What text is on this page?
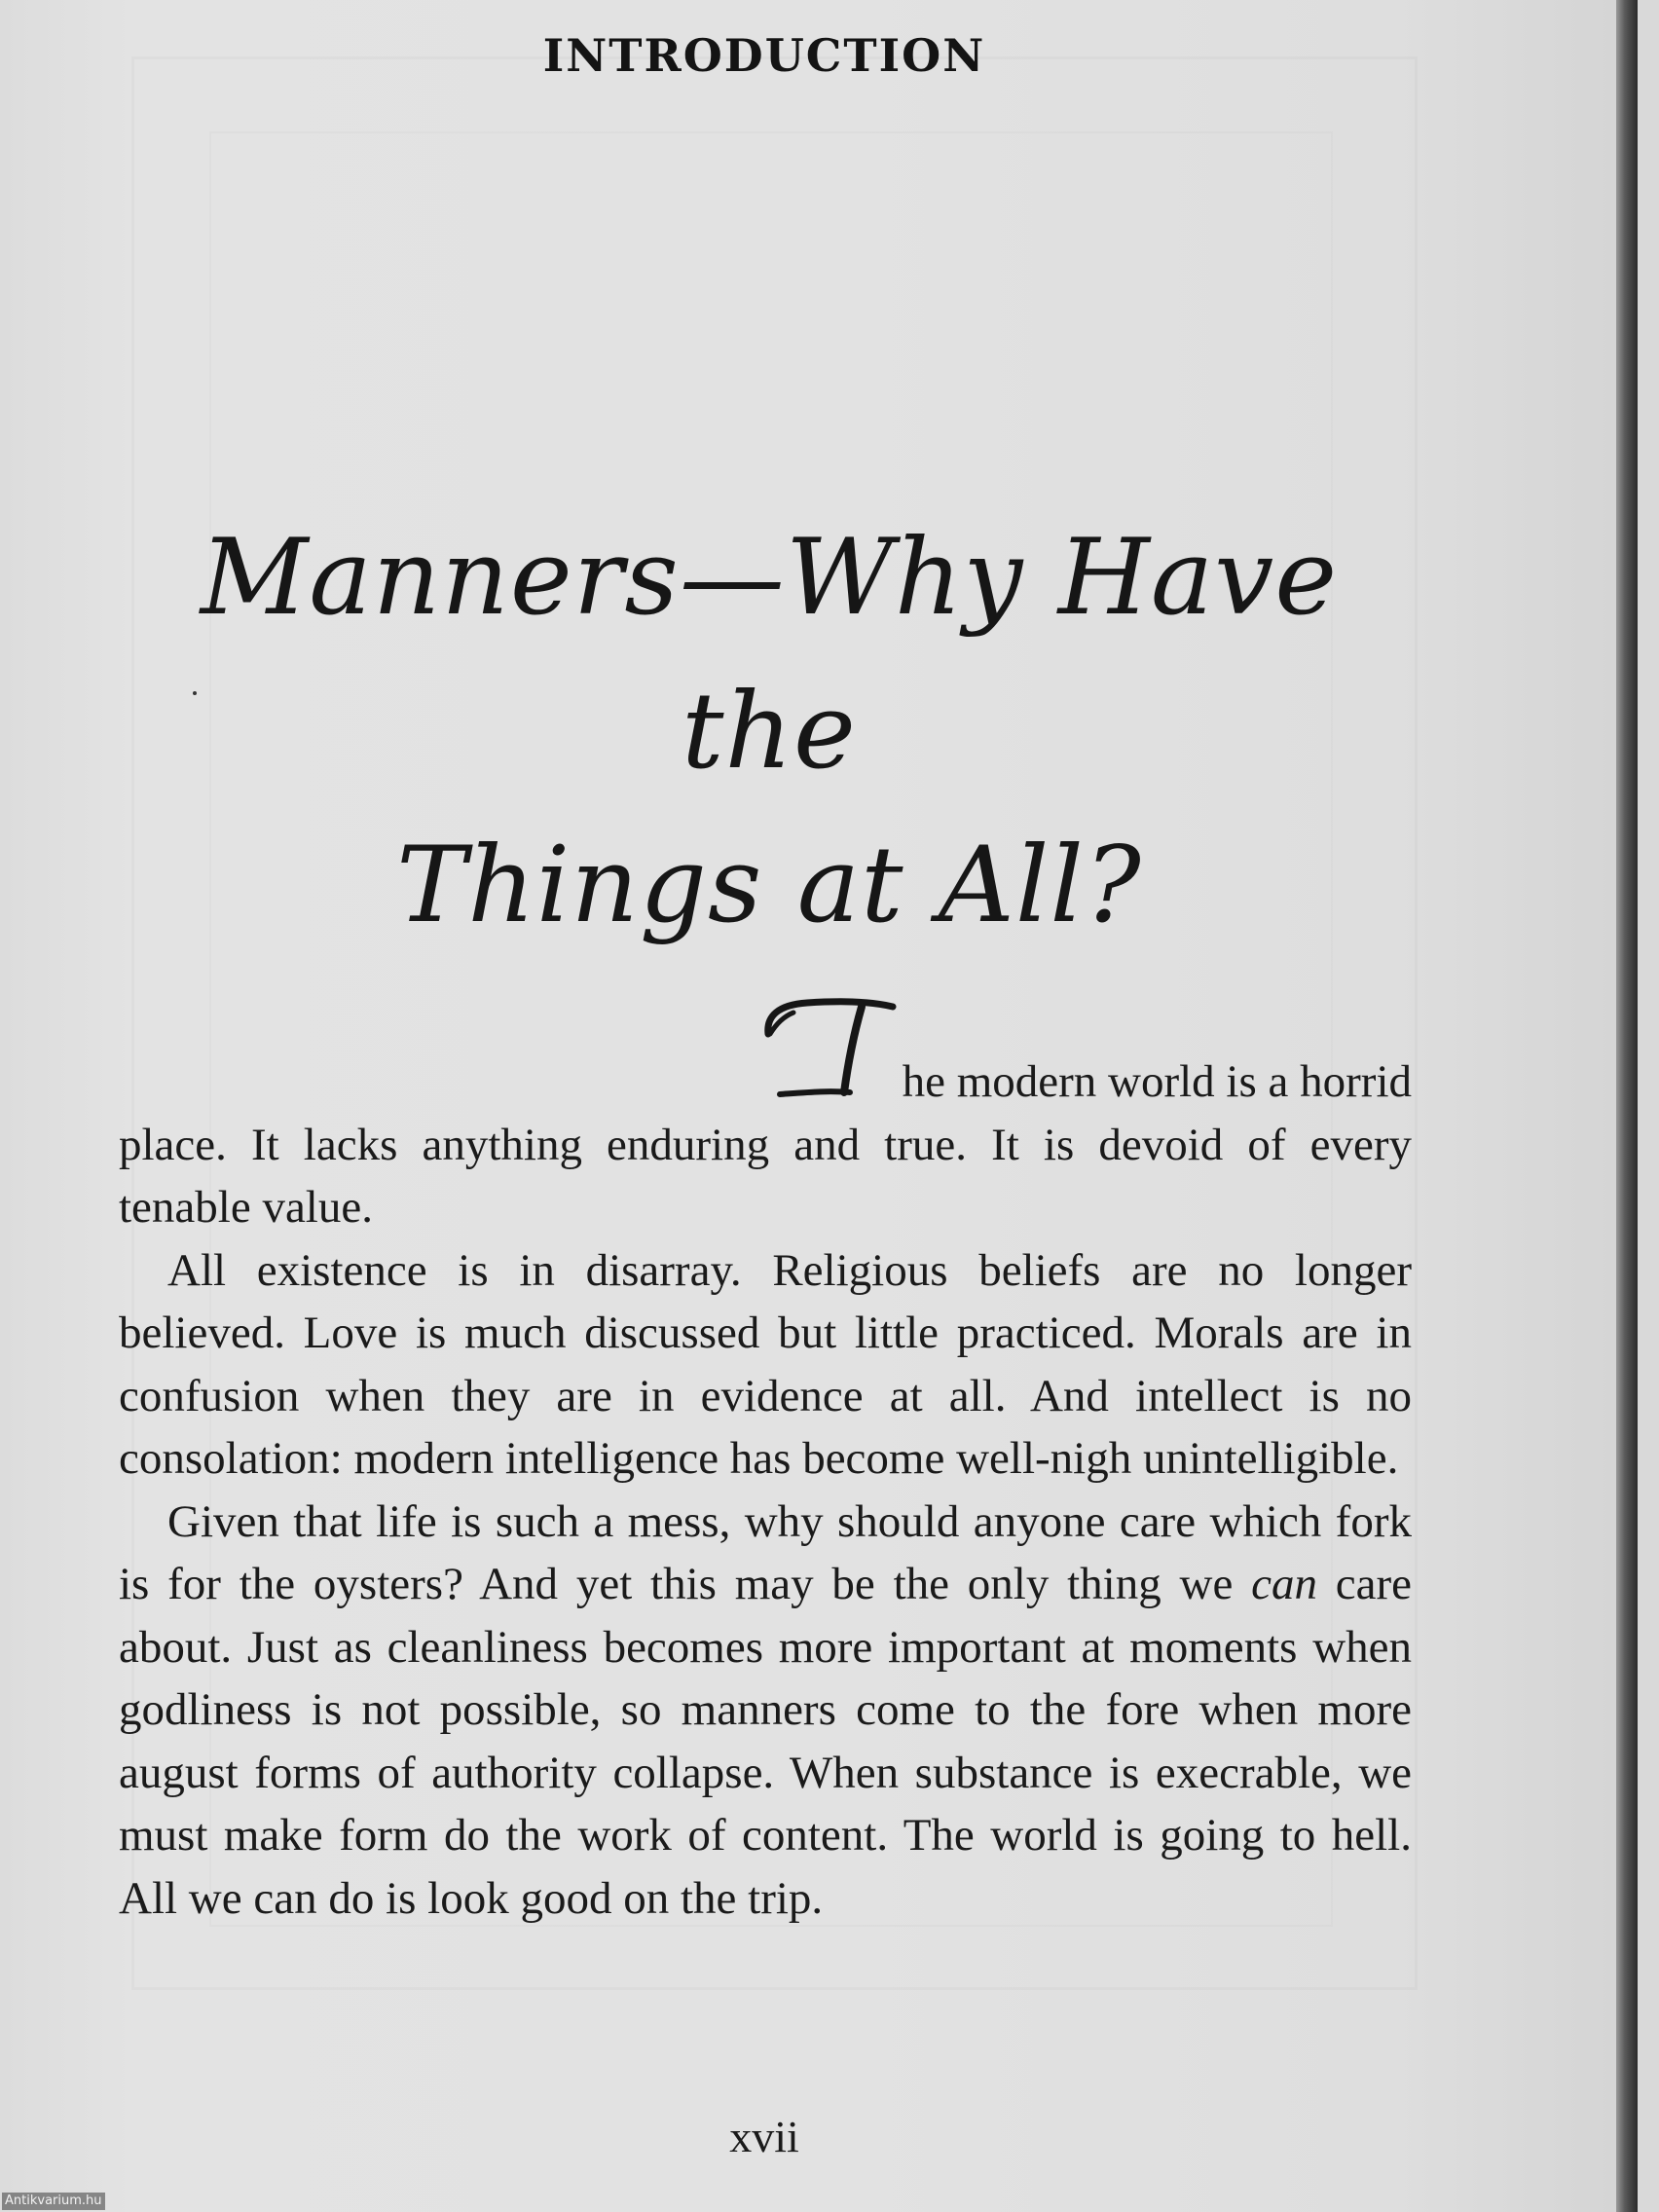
INTRODUCTION
Manners—Why Have the
Things at All?

he modern world is a horrid
place. It lacks anything enduring and true. It is devoid of every tenable value.

All existence is in disarray. Religious beliefs are no longer believed. Love is much discussed but little practiced. Morals are in confusion when they are in evidence at all. And intellect is no consolation: modern intelligence has become well-nigh unintelligible.

Given that life is such a mess, why should anyone care which fork is for the oysters? And yet this may be the only thing we can care about. Just as cleanliness becomes more important at moments when godliness is not possible, so manners come to the fore when more august forms of authority collapse. When substance is execrable, we must make form do the work of content. The world is going to hell. All we can do is look good on the trip.

xvii
Antikvarium.hu
